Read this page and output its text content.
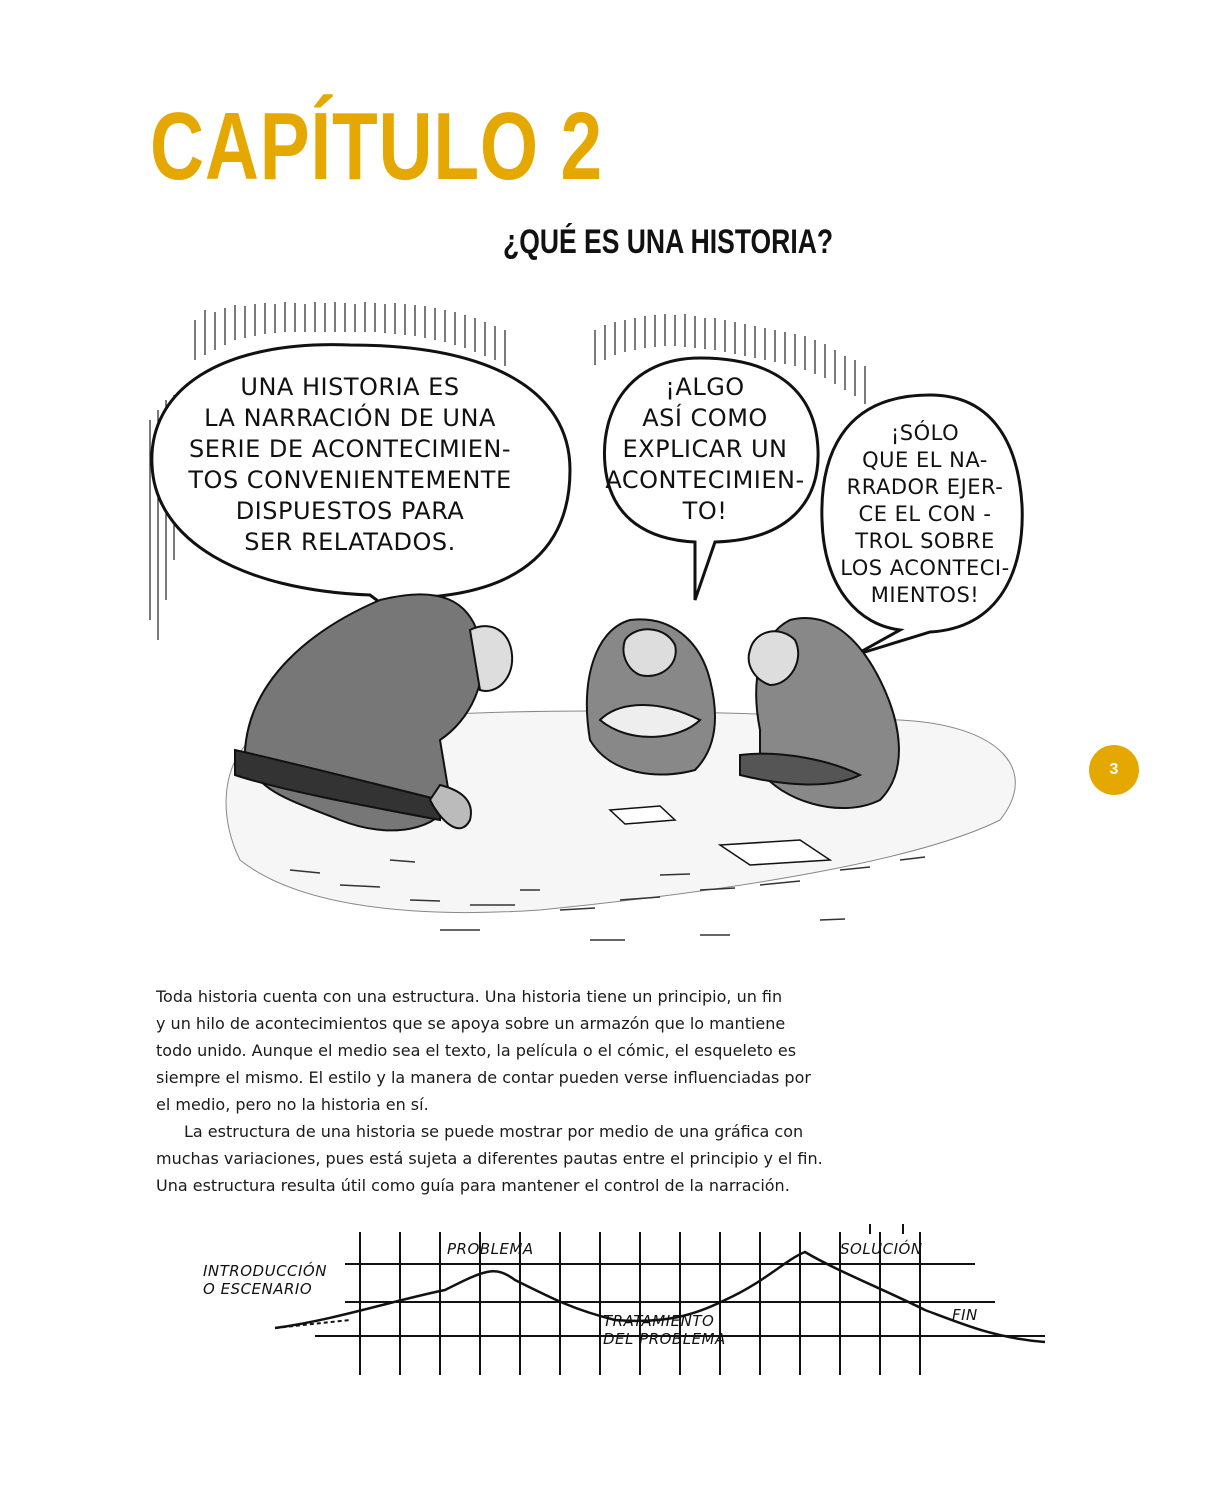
CAPÍTULO 2
¿QUÉ ES UNA HISTORIA?
UNA HISTORIA ES
LA NARRACIÓN DE UNA
SERIE DE ACONTECIMIEN-
TOS CONVENIENTEMENTE
DISPUESTOS PARA
SER RELATADOS.
¡ALGO
ASÍ COMO
EXPLICAR UN
ACONTECIMIEN-
TO!
¡SÓLO
QUE EL NA-
RRADOR EJER-
CE EL CON -
TROL SOBRE
LOS ACONTECI-
MIENTOS!
3

Toda historia cuenta con una estructura. Una historia tiene un principio, un fin
y un hilo de acontecimientos que se apoya sobre un armazón que lo mantiene
todo unido. Aunque el medio sea el texto, la película o el cómic, el esqueleto es
siempre el mismo. El estilo y la manera de contar pueden verse influenciadas por
el medio, pero no la historia en sí.

La estructura de una historia se puede mostrar por medio de una gráfica con
muchas variaciones, pues está sujeta a diferentes pautas entre el principio y el fin.
Una estructura resulta útil como guía para mantener el control de la narración.

INTRODUCCIÓN
O ESCENARIO
PROBLEMA
TRATAMIENTO
DEL PROBLEMA
SOLUCIÓN
FIN
